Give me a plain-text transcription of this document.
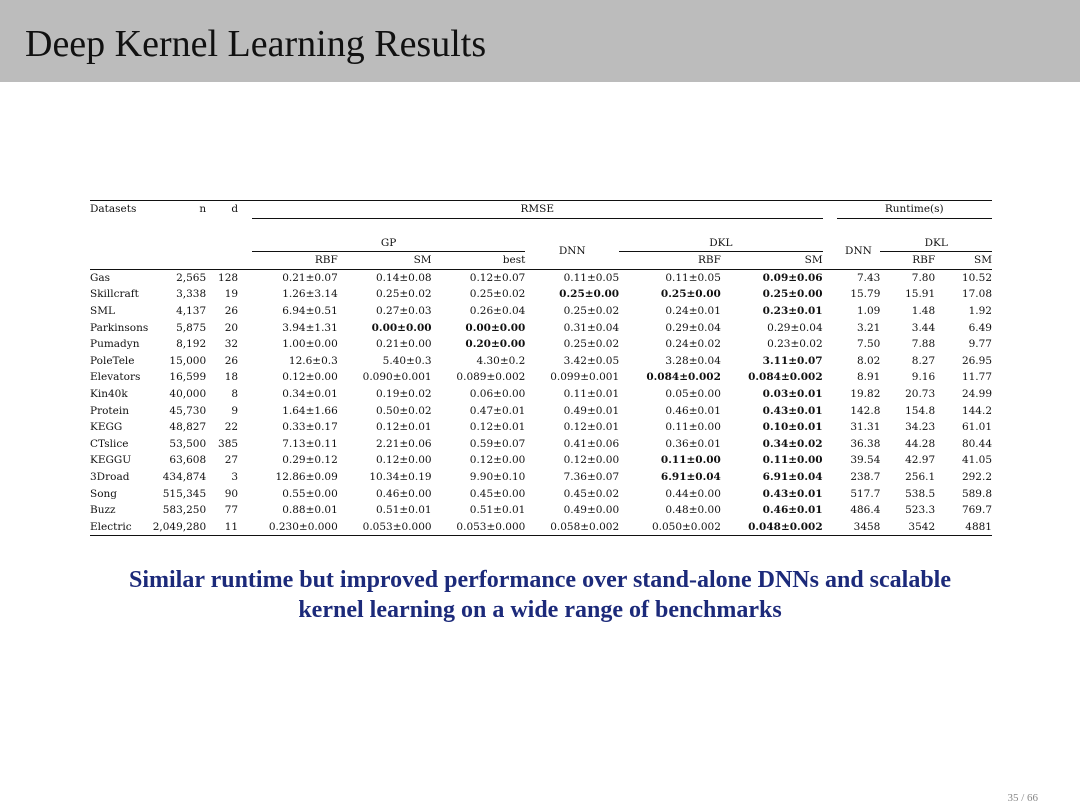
Deep Kernel Learning Results
Datasets	n	d		RMSE							Runtime(s)		

				GP			DNN	DKL			DNN	DKL	
				RBF	SM	best		RBF	SM			RBF	SM
Gas	2,565	128		0.21±0.07	0.14±0.08	0.12±0.07	0.11±0.05	0.11±0.05	0.09±0.06		7.43	7.80	10.52
Skillcraft	3,338	19		1.26±3.14	0.25±0.02	0.25±0.02	0.25±0.00	0.25±0.00	0.25±0.00		15.79	15.91	17.08
SML	4,137	26		6.94±0.51	0.27±0.03	0.26±0.04	0.25±0.02	0.24±0.01	0.23±0.01		1.09	1.48	1.92
Parkinsons	5,875	20		3.94±1.31	0.00±0.00	0.00±0.00	0.31±0.04	0.29±0.04	0.29±0.04		3.21	3.44	6.49
Pumadyn	8,192	32		1.00±0.00	0.21±0.00	0.20±0.00	0.25±0.02	0.24±0.02	0.23±0.02		7.50	7.88	9.77
PoleTele	15,000	26		12.6±0.3	5.40±0.3	4.30±0.2	3.42±0.05	3.28±0.04	3.11±0.07		8.02	8.27	26.95
Elevators	16,599	18		0.12±0.00	0.090±0.001	0.089±0.002	0.099±0.001	0.084±0.002	0.084±0.002		8.91	9.16	11.77
Kin40k	40,000	8		0.34±0.01	0.19±0.02	0.06±0.00	0.11±0.01	0.05±0.00	0.03±0.01		19.82	20.73	24.99
Protein	45,730	9		1.64±1.66	0.50±0.02	0.47±0.01	0.49±0.01	0.46±0.01	0.43±0.01		142.8	154.8	144.2
KEGG	48,827	22		0.33±0.17	0.12±0.01	0.12±0.01	0.12±0.01	0.11±0.00	0.10±0.01		31.31	34.23	61.01
CTslice	53,500	385		7.13±0.11	2.21±0.06	0.59±0.07	0.41±0.06	0.36±0.01	0.34±0.02		36.38	44.28	80.44
KEGGU	63,608	27		0.29±0.12	0.12±0.00	0.12±0.00	0.12±0.00	0.11±0.00	0.11±0.00		39.54	42.97	41.05
3Droad	434,874	3		12.86±0.09	10.34±0.19	9.90±0.10	7.36±0.07	6.91±0.04	6.91±0.04		238.7	256.1	292.2
Song	515,345	90		0.55±0.00	0.46±0.00	0.45±0.00	0.45±0.02	0.44±0.00	0.43±0.01		517.7	538.5	589.8
Buzz	583,250	77		0.88±0.01	0.51±0.01	0.51±0.01	0.49±0.00	0.48±0.00	0.46±0.01		486.4	523.3	769.7
Electric	2,049,280	11		0.230±0.000	0.053±0.000	0.053±0.000	0.058±0.002	0.050±0.002	0.048±0.002		3458	3542	4881
Similar runtime but improved performance over stand-alone DNNs and scalable
kernel learning on a wide range of benchmarks
35 / 66
